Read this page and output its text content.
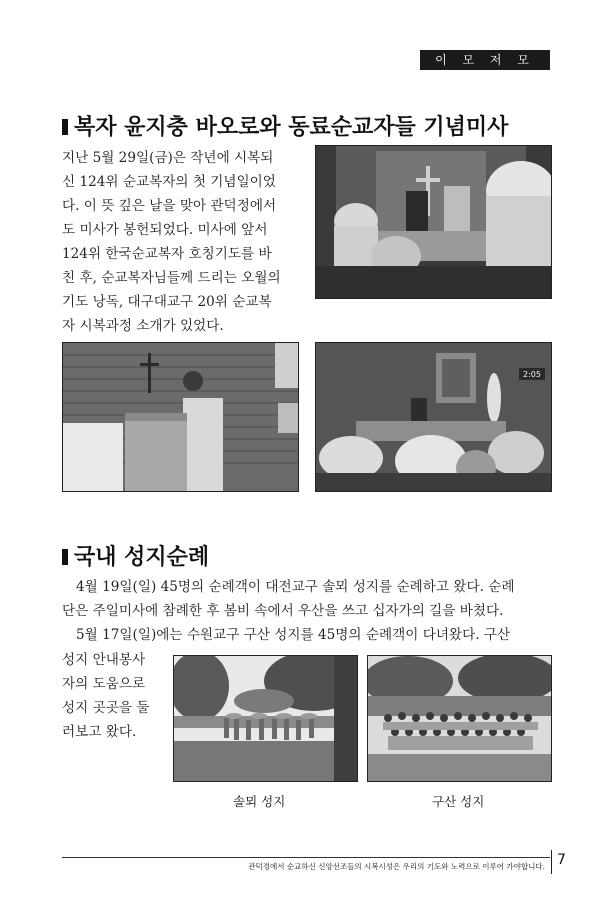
이 모 저 모
복자 윤지충 바오로와 동료순교자들 기념미사
지난 5월 29일(금)은 작년에 시복되
신 124위 순교복자의 첫 기념일이었
다. 이 뜻 깊은 날을 맞아 관덕정에서
도 미사가 봉헌되었다. 미사에 앞서
124위 한국순교복자 호칭기도를 바
친 후, 순교복자님들께 드리는 오월의
기도 낭독, 대구대교구 20위 순교복
자 시복과정 소개가 있었다.
2:05
국내 성지순례
4월 19일(일) 45명의 순례객이 대전교구 솔뫼 성지를 순례하고 왔다. 순례
단은 주일미사에 참례한 후 봄비 속에서 우산을 쓰고 십자가의 길을 바쳤다.
5월 17일(일)에는 수원교구 구산 성지를 45명의 순례객이 다녀왔다. 구산
성지 안내봉사
자의 도움으로
성지 곳곳을 둘
러보고 왔다.
솔뫼 성지	구산 성지
관덕정에서 순교하신 신앙선조들의 시복시성은 우리의 기도와 노력으로 이루어 가야합니다. 7
